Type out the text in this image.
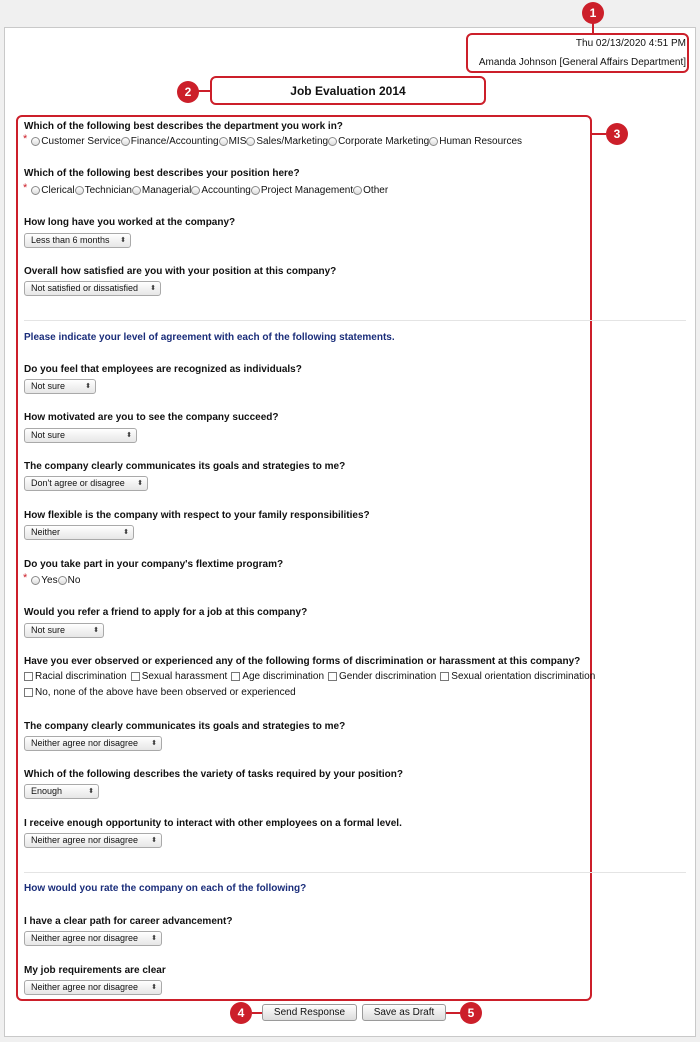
Thu 02/13/2020 4:51 PM
Amanda Johnson [General Affairs Department]
1
Job Evaluation 2014
2
3
Which of the following best describes the department you work in?
* Customer Service Finance/Accounting MIS Sales/Marketing Corporate Marketing Human Resources
Which of the following best describes your position here?
* Clerical Technician Managerial Accounting Project Management Other
How long have you worked at the company?
Less than 6 months ⬍
Overall how satisfied are you with your position at this company?
Not satisfied or dissatisfied ⬍
Please indicate your level of agreement with each of the following statements.
Do you feel that employees are recognized as individuals?
Not sure	⬍
How motivated are you to see the company succeed?
Not sure	⬍
The company clearly communicates its goals and strategies to me?
Don't agree or disagree ⬍
How flexible is the company with respect to your family responsibilities?
Neither	⬍
Do you take part in your company's flextime program?
* Yes No
Would you refer a friend to apply for a job at this company?
Not sure	⬍
Have you ever observed or experienced any of the following forms of discrimination or harassment at this company?
Racial discrimination Sexual harassment Age discrimination Gender discrimination Sexual orientation discrimination
No, none of the above have been observed or experienced
The company clearly communicates its goals and strategies to me?
Neither agree nor disagree ⬍
Which of the following describes the variety of tasks required by your position?
Enough	⬍
I receive enough opportunity to interact with other employees on a formal level.
Neither agree nor disagree ⬍
How would you rate the company on each of the following?
I have a clear path for career advancement?
Neither agree nor disagree ⬍
My job requirements are clear
Neither agree nor disagree ⬍
Send Response	Save as Draft
4	5
